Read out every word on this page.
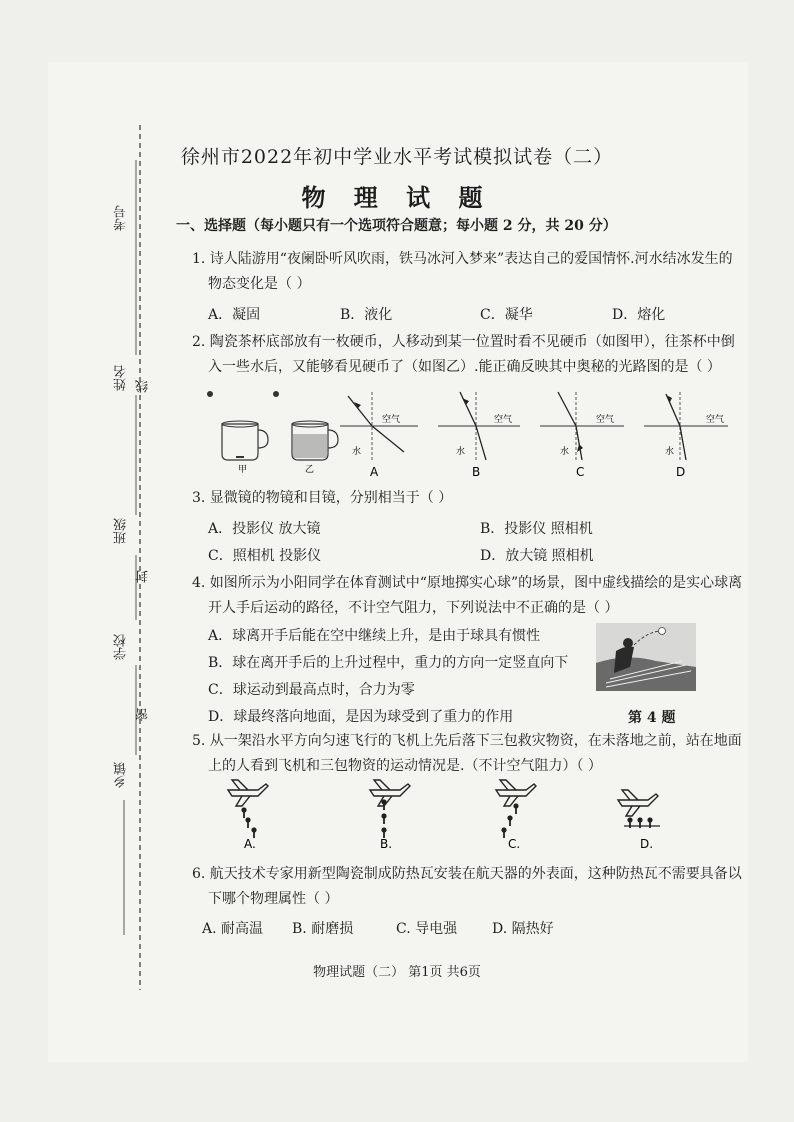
考号
姓名 线
班级
封
学校
密
乡镇
徐州市2022年初中学业水平考试模拟试卷（二）
物 理 试 题
一、选择题（每小题只有一个选项符合题意；每小题 2 分，共 20 分）
1. 诗人陆游用“夜阑卧听风吹雨，铁马冰河入梦来”表达自己的爱国情怀.河水结冰发生的
物态变化是（ ）
A．凝固	B．液化	C．凝华	D．熔化
2. 陶瓷茶杯底部放有一枚硬币，人移动到某一位置时看不见硬币（如图甲），往茶杯中倒
入一些水后，又能够看见硬币了（如图乙）.能正确反映其中奥秘的光路图的是（ ）
甲	乙
空气
水
A
空气
水
B
空气
水
C
空气
水
D
3. 显微镜的物镜和目镜，分别相当于（ ）
A．投影仪 放大镜	B．投影仪 照相机
C．照相机 投影仪	D．放大镜 照相机
4. 如图所示为小阳同学在体育测试中“原地掷实心球”的场景，图中虚线描绘的是实心球离
开人手后运动的路径，不计空气阻力，下列说法中不正确的是（ ）
A．球离开手后能在空中继续上升，是由于球具有惯性
B．球在离开手后的上升过程中，重力的方向一定竖直向下
C．球运动到最高点时，合力为零
D．球最终落向地面，是因为球受到了重力的作用	第 4 题
5. 从一架沿水平方向匀速飞行的飞机上先后落下三包救灾物资，在未落地之前，站在地面
上的人看到飞机和三包物资的运动情况是.（不计空气阻力）（ ）
A.	B.	C.	D.
6. 航天技术专家用新型陶瓷制成防热瓦安装在航天器的外表面，这种防热瓦不需要具备以
下哪个物理属性（ ）
A. 耐高温 B. 耐磨损	C. 导电强 D. 隔热好
物理试题（二） 第1页 共6页
